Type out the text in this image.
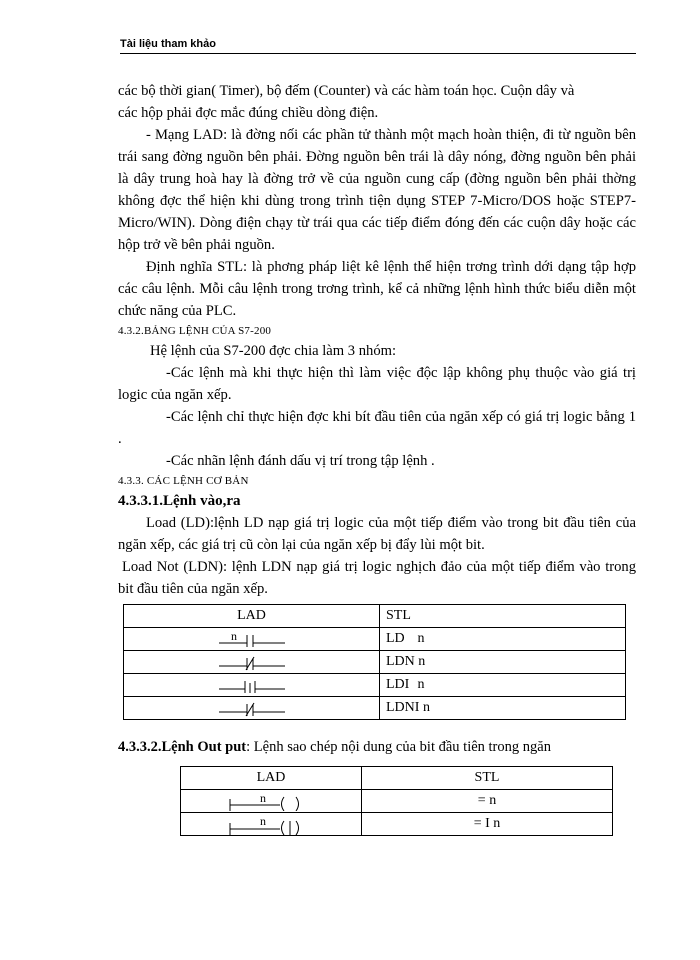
Tài liệu tham khảo

các bộ thời gian( Timer), bộ đếm (Counter) và các hàm toán học. Cuộn dây và

các hộp phải đợc mắc đúng chiều dòng điện.

- Mạng LAD: là đờng nối các phần tử thành một mạch hoàn thiện, đi từ nguồn bên trái sang đờng nguồn bên phải. Đờng nguồn bên trái là dây nóng, đờng nguồn bên phải là dây trung hoà hay là đờng trở về của nguồn cung cấp (đờng nguồn bên phải thờng không đợc thể hiện khi dùng trong trình tiện dụng STEP 7-Micro/DOS hoặc STEP7-Micro/WIN). Dòng điện chạy từ trái qua các tiếp điểm đóng đến các cuộn dây hoặc các hộp trở về bên phải nguồn.

Định nghĩa STL: là phơng pháp liệt kê lệnh thể hiện trơng trình dới dạng tập hợp các câu lệnh. Mỗi câu lệnh trong trơng trình, kể cả những lệnh hình thức biểu diễn một chức năng của PLC.

4.3.2.BẢNG LỆNH CỦA S7-200

Hệ lệnh của S7-200 đợc chia làm 3 nhóm:

-Các lệnh mà khi thực hiện thì làm việc độc lập không phụ thuộc vào giá trị logic của ngăn xếp.

-Các lệnh chỉ thực hiện đợc khi bít đầu tiên của ngăn xếp có giá trị logic bằng 1 .

-Các nhãn lệnh đánh dấu vị trí trong tập lệnh .

4.3.3. CÁC LỆNH CƠ BẢN

4.3.3.1.Lệnh vào,ra

Load (LD):lệnh LD nạp giá trị logic của một tiếp điểm vào trong bit đầu tiên của ngăn xếp, các giá trị cũ còn lại của ngăn xếp bị đẩy lùi một bit.

Load Not (LDN): lệnh LDN nạp giá trị logic nghịch đảo của một tiếp điểm vào trong bit đầu tiên của ngăn xếp.

LAD	STL

n	LD n

	LDN n

	LDI n

	LDNI n

4.3.3.2.Lệnh Out put: Lệnh sao chép nội dung của bit đầu tiên trong ngăn

LAD	STL

n	= n

n	= I n
